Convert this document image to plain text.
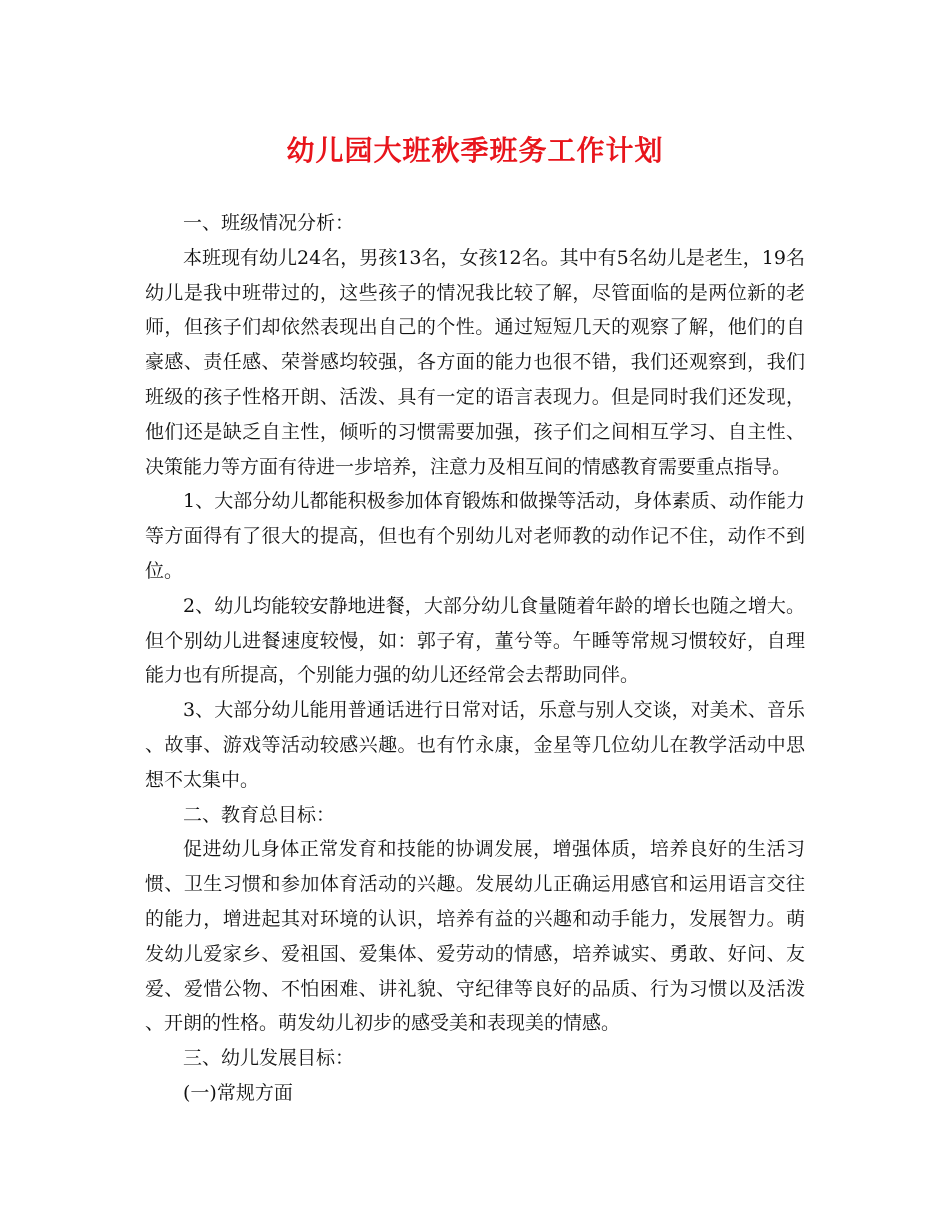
幼儿园大班秋季班务工作计划

一、班级情况分析：

本班现有幼儿24名，男孩13名，女孩12名。其中有5名幼儿是老生，19名幼儿是我中班带过的，这些孩子的情况我比较了解，尽管面临的是两位新的老师，但孩子们却依然表现出自己的个性。通过短短几天的观察了解，他们的自豪感、责任感、荣誉感均较强，各方面的能力也很不错，我们还观察到，我们班级的孩子性格开朗、活泼、具有一定的语言表现力。但是同时我们还发现，他们还是缺乏自主性，倾听的习惯需要加强，孩子们之间相互学习、自主性、决策能力等方面有待进一步培养，注意力及相互间的情感教育需要重点指导。

1、大部分幼儿都能积极参加体育锻炼和做操等活动，身体素质、动作能力等方面得有了很大的提高，但也有个别幼儿对老师教的动作记不住，动作不到位。

2、幼儿均能较安静地进餐，大部分幼儿食量随着年龄的增长也随之增大。但个别幼儿进餐速度较慢，如：郭子宥，董兮等。午睡等常规习惯较好，自理能力也有所提高，个别能力强的幼儿还经常会去帮助同伴。

3、大部分幼儿能用普通话进行日常对话，乐意与别人交谈，对美术、音乐、故事、游戏等活动较感兴趣。也有竹永康，金星等几位幼儿在教学活动中思想不太集中。

二、教育总目标：

促进幼儿身体正常发育和技能的协调发展，增强体质，培养良好的生活习惯、卫生习惯和参加体育活动的兴趣。发展幼儿正确运用感官和运用语言交往的能力，增进起其对环境的认识，培养有益的兴趣和动手能力，发展智力。萌发幼儿爱家乡、爱祖国、爱集体、爱劳动的情感，培养诚实、勇敢、好问、友爱、爱惜公物、不怕困难、讲礼貌、守纪律等良好的品质、行为习惯以及活泼、开朗的性格。萌发幼儿初步的感受美和表现美的情感。

三、幼儿发展目标：

(一)常规方面
